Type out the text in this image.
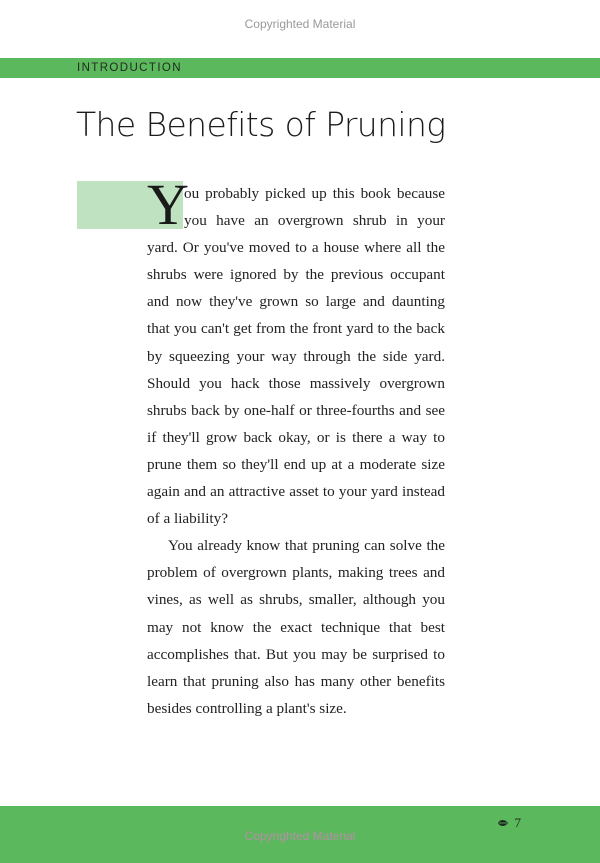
Copyrighted Material
INTRODUCTION
The Benefits of Pruning
Y

ou probably picked up this book because you have an overgrown shrub in your yard. Or you've moved to a house where all the shrubs were ignored by the previous occupant and now they've grown so large and daunting that you can't get from the front yard to the back by squeezing your way through the side yard. Should you hack those massively overgrown shrubs back by one-half or three-fourths and see if they'll grow back okay, or is there a way to prune them so they'll end up at a moderate size again and an attractive asset to your yard instead of a liability?

You already know that pruning can solve the problem of overgrown plants, making trees and vines, as well as shrubs, smaller, although you may not know the exact technique that best accomplishes that. But you may be surprised to learn that pruning also has many other benefits besides controlling a plant's size.

7
Copyrighted Material
